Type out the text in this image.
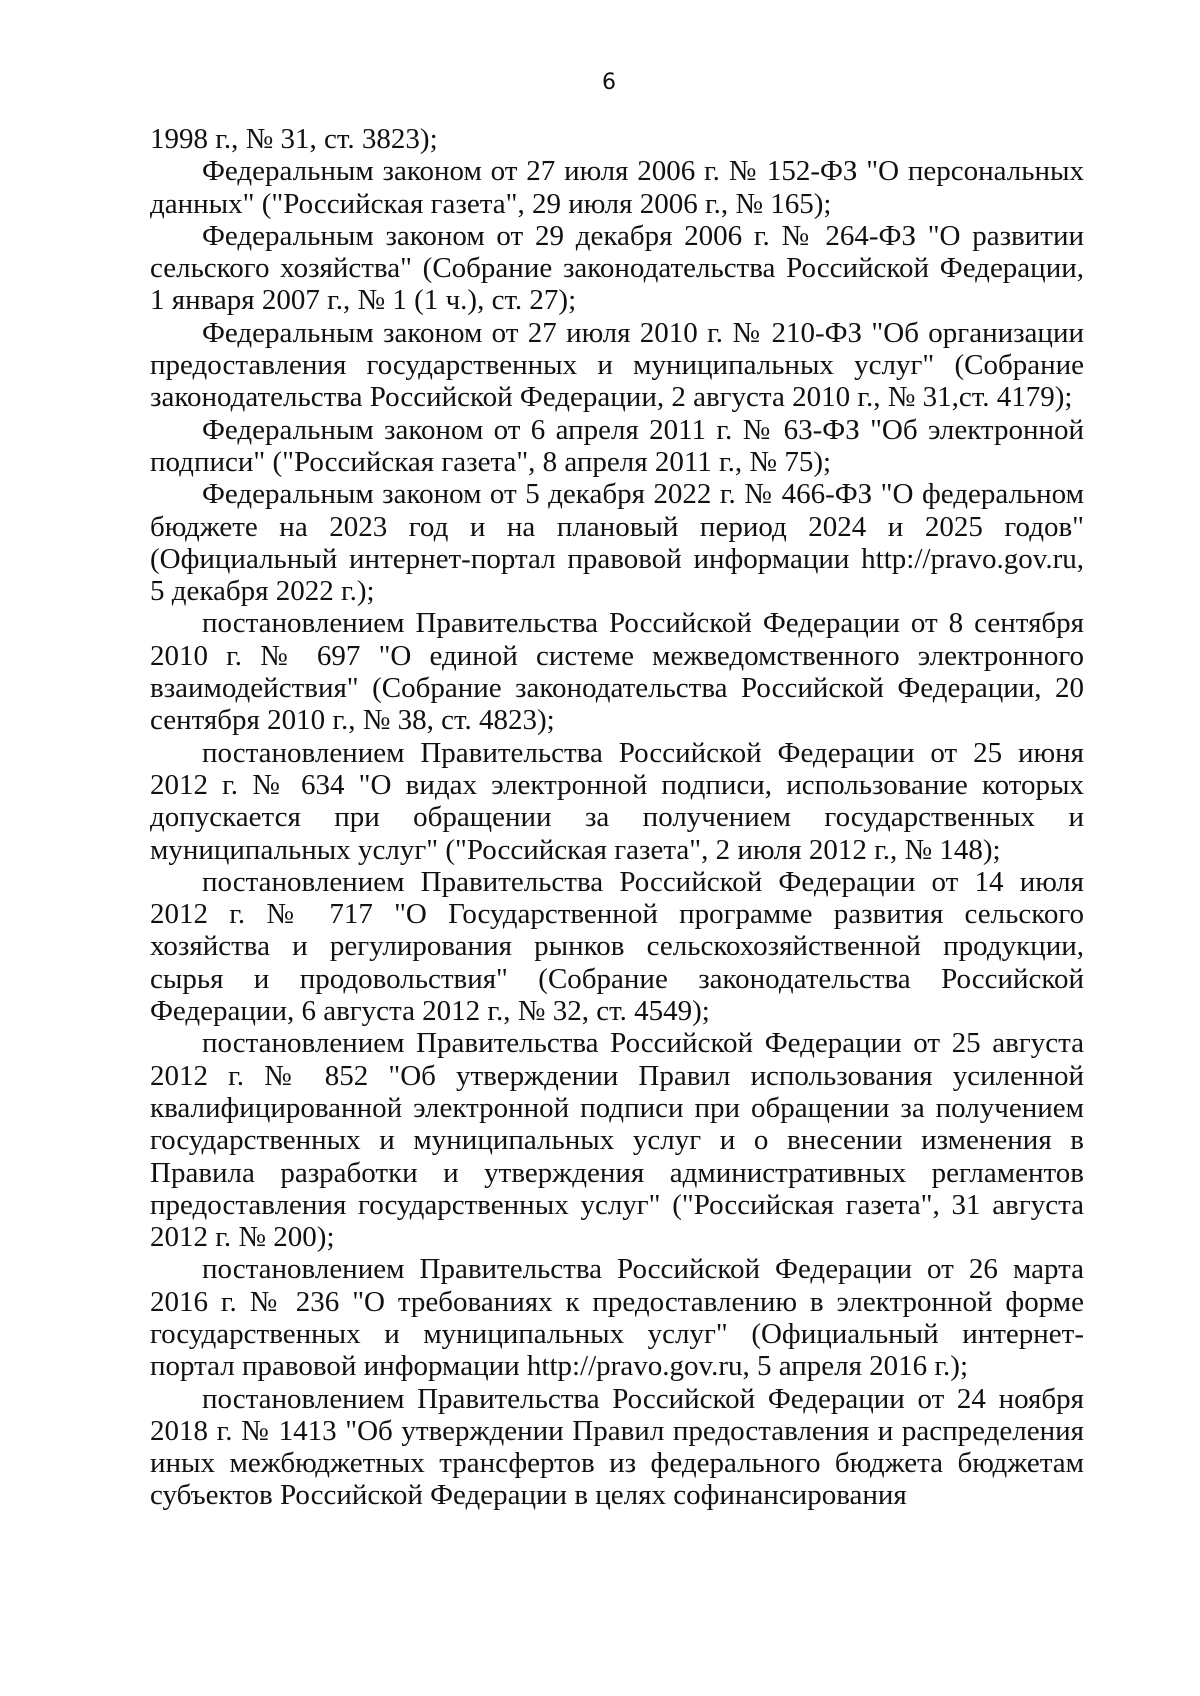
6

1998 г., № 31, ст. 3823);

Федеральным законом от 27 июля 2006 г. № 152-ФЗ "О персональных данных" ("Российская газета", 29 июля 2006 г., № 165);

Федеральным законом от 29 декабря 2006 г. № 264-ФЗ "О развитии сельского хозяйства" (Собрание законодательства Российской Федерации, 1 января 2007 г., № 1 (1 ч.), ст. 27);

Федеральным законом от 27 июля 2010 г. № 210-ФЗ "Об организации предоставления государственных и муниципальных услуг" (Собрание законодательства Российской Федерации, 2 августа 2010 г., № 31,ст. 4179);

Федеральным законом от 6 апреля 2011 г. № 63-ФЗ "Об электронной подписи" ("Российская газета", 8 апреля 2011 г., № 75);

Федеральным законом от 5 декабря 2022 г. № 466-ФЗ "О федеральном бюджете на 2023 год и на плановый период 2024 и 2025 годов" (Официальный интернет-портал правовой информации http://pravo.gov.ru, 5 декабря 2022 г.);

постановлением Правительства Российской Федерации от 8 сентября 2010 г. № 697 "О единой системе межведомственного электронного взаимодействия" (Собрание законодательства Российской Федерации, 20 сентября 2010 г., № 38, ст. 4823);

постановлением Правительства Российской Федерации от 25 июня 2012 г. № 634 "О видах электронной подписи, использование которых допускается при обращении за получением государственных и муниципальных услуг" ("Российская газета", 2 июля 2012 г., № 148);

постановлением Правительства Российской Федерации от 14 июля 2012 г. № 717 "О Государственной программе развития сельского хозяйства и регулирования рынков сельскохозяйственной продукции, сырья и продовольствия" (Собрание законодательства Российской Федерации, 6 августа 2012 г., № 32, ст. 4549);

постановлением Правительства Российской Федерации от 25 августа 2012 г. № 852 "Об утверждении Правил использования усиленной квалифицированной электронной подписи при обращении за получением государственных и муниципальных услуг и о внесении изменения в Правила разработки и утверждения административных регламентов предоставления государственных услуг" ("Российская газета", 31 августа 2012 г. № 200);

постановлением Правительства Российской Федерации от 26 марта 2016 г. № 236 "О требованиях к предоставлению в электронной форме государственных и муниципальных услуг" (Официальный интернет-портал правовой информации http://pravo.gov.ru, 5 апреля 2016 г.);

постановлением Правительства Российской Федерации от 24 ноября 2018 г. № 1413 "Об утверждении Правил предоставления и распределения иных межбюджетных трансфертов из федерального бюджета бюджетам субъектов Российской Федерации в целях софинансирования
